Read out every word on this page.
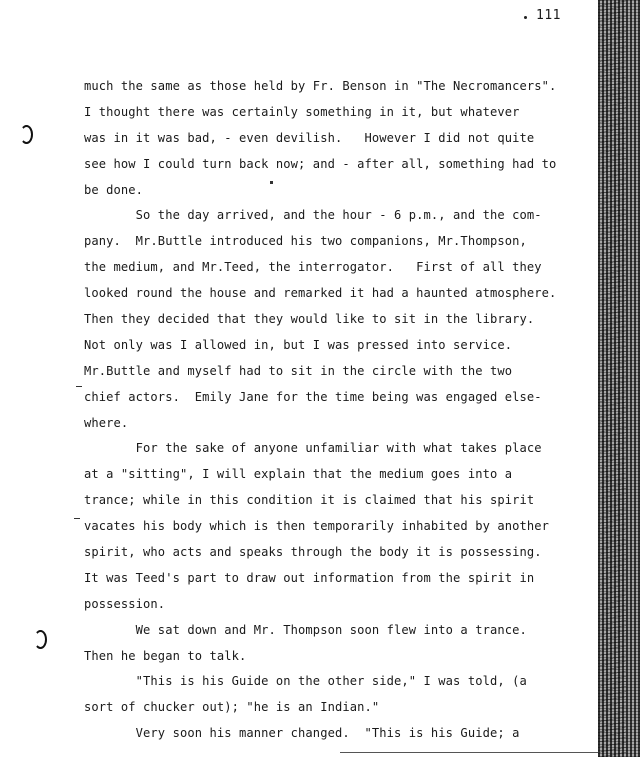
111
much the same as those held by Fr. Benson in "The Necromancers".
I thought there was certainly something in it, but whatever
was in it was bad, - even devilish.   However I did not quite
see how I could turn back now; and - after all, something had to
be done.
So the day arrived, and the hour - 6 p.m., and the com-
pany.  Mr.Buttle introduced his two companions, Mr.Thompson,
the medium, and Mr.Teed, the interrogator.   First of all they
looked round the house and remarked it had a haunted atmosphere.
Then they decided that they would like to sit in the library.
Not only was I allowed in, but I was pressed into service.
Mr.Buttle and myself had to sit in the circle with the two
chief actors.  Emily Jane for the time being was engaged else-
where.
For the sake of anyone unfamiliar with what takes place
at a "sitting", I will explain that the medium goes into a
trance; while in this condition it is claimed that his spirit
vacates his body which is then temporarily inhabited by another
spirit, who acts and speaks through the body it is possessing.
It was Teed's part to draw out information from the spirit in
possession.
We sat down and Mr. Thompson soon flew into a trance.
Then he began to talk.
"This is his Guide on the other side," I was told, (a
sort of chucker out); "he is an Indian."
Very soon his manner changed.  "This is his Guide; a
